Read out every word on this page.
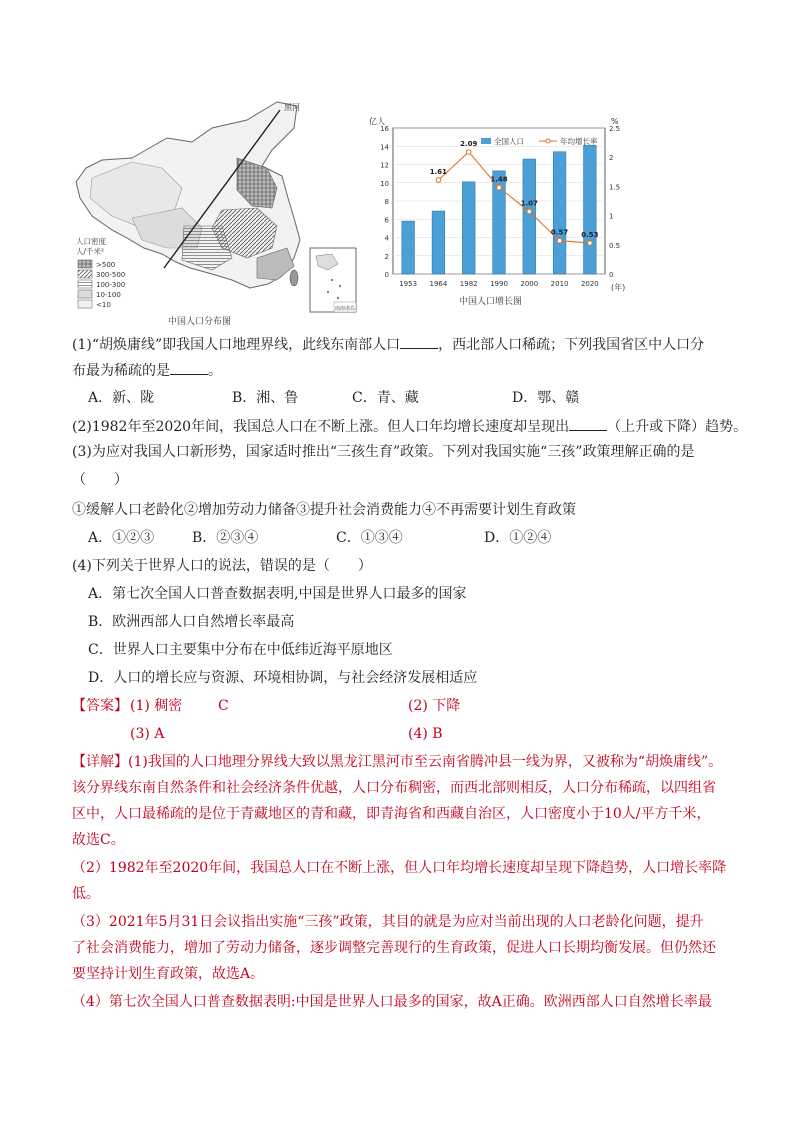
黑河
人口密度
人/千米²
>500
300-500
100-300
10-100
<10	南海诸岛
中国人口分布图
亿人	%
1.61
2.09
1.48
1.07
0.57 0.53
0
2
4
6
8
10
12
14
16
0
0.5
1
1.5
2
2.5
1953 1964 1982 1990 2000 2010 2020
全国人口	年均增长率
(年)
中国人口增长图
(1)“胡焕庸线”即我国人口地理界线，此线东南部人口	，西北部人口稀疏；下列我国省区中人口分
布最为稀疏的是	。
A．新、陇	B．湘、鲁	C．青、藏	D．鄂、赣
(2)1982年至2020年间，我国总人口在不断上涨。但人口年均增长速度却呈现出	（上升或下降）趋势。
(3)为应对我国人口新形势，国家适时推出“三孩生育”政策。下列对我国实施“三孩”政策理解正确的是
（　　）
①缓解人口老龄化②增加劳动力储备③提升社会消费能力④不再需要计划生育政策
A．①②③	B．②③④	C．①③④	D．①②④
(4)下列关于世界人口的说法，错误的是（　　）
A．第七次全国人口普查数据表明,中国是世界人口最多的国家
B．欧洲西部人口自然增长率最高
C．世界人口主要集中分布在中低纬近海平原地区
D．人口的增长应与资源、环境相协调，与社会经济发展相适应
【答案】 (1) 稠密	C	(2) 下降
(3) A	(4) B
【详解】(1)我国的人口地理分界线大致以黑龙江黑河市至云南省腾冲县一线为界，又被称为“胡焕庸线”。
该分界线东南自然条件和社会经济条件优越，人口分布稠密，而西北部则相反，人口分布稀疏，以四组省
区中，人口最稀疏的是位于青藏地区的青和藏，即青海省和西藏自治区，人口密度小于10人/平方千米，
故选C。
（2）1982年至2020年间，我国总人口在不断上涨，但人口年均增长速度却呈现下降趋势，人口增长率降
低。
（3）2021年5月31日会议指出实施“三孩”政策，其目的就是为应对当前出现的人口老龄化问题，提升
了社会消费能力，增加了劳动力储备，逐步调整完善现行的生育政策，促进人口长期均衡发展。但仍然还
要坚持计划生育政策，故选A。
（4）第七次全国人口普查数据表明:中国是世界人口最多的国家，故A正确。欧洲西部人口自然增长率最
